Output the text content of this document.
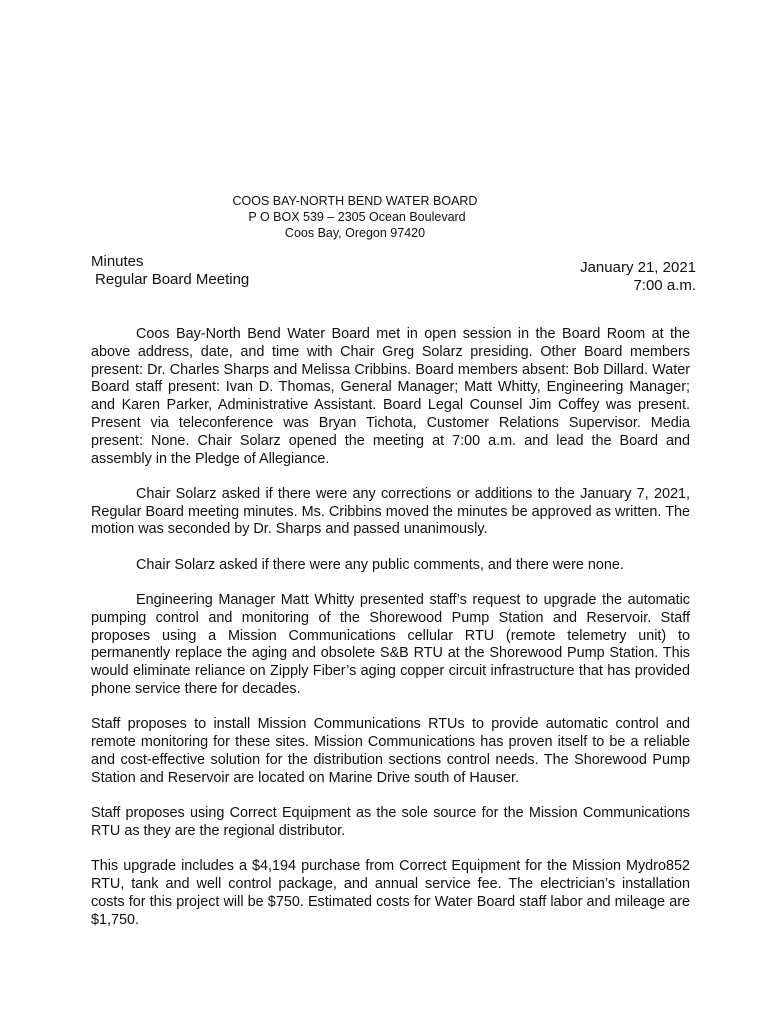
COOS BAY-NORTH BEND WATER BOARD
P O BOX 539 – 2305 Ocean Boulevard
Coos Bay, Oregon 97420
Minutes
Regular Board Meeting
January 21, 2021
7:00 a.m.

Coos Bay-North Bend Water Board met in open session in the Board Room at the above address, date, and time with Chair Greg Solarz presiding. Other Board members present: Dr. Charles Sharps and Melissa Cribbins. Board members absent: Bob Dillard. Water Board staff present: Ivan D. Thomas, General Manager; Matt Whitty, Engineering Manager; and Karen Parker, Administrative Assistant. Board Legal Counsel Jim Coffey was present. Present via teleconference was Bryan Tichota, Customer Relations Supervisor. Media present: None. Chair Solarz opened the meeting at 7:00 a.m. and lead the Board and assembly in the Pledge of Allegiance.

Chair Solarz asked if there were any corrections or additions to the January 7, 2021, Regular Board meeting minutes. Ms. Cribbins moved the minutes be approved as written. The motion was seconded by Dr. Sharps and passed unanimously.

Chair Solarz asked if there were any public comments, and there were none.

Engineering Manager Matt Whitty presented staff’s request to upgrade the automatic pumping control and monitoring of the Shorewood Pump Station and Reservoir. Staff proposes using a Mission Communications cellular RTU (remote telemetry unit) to permanently replace the aging and obsolete S&B RTU at the Shorewood Pump Station. This would eliminate reliance on Zipply Fiber’s aging copper circuit infrastructure that has provided phone service there for decades.

Staff proposes to install Mission Communications RTUs to provide automatic control and remote monitoring for these sites. Mission Communications has proven itself to be a reliable and cost-effective solution for the distribution sections control needs. The Shorewood Pump Station and Reservoir are located on Marine Drive south of Hauser.

Staff proposes using Correct Equipment as the sole source for the Mission Communications RTU as they are the regional distributor.

This upgrade includes a $4,194 purchase from Correct Equipment for the Mission Mydro852 RTU, tank and well control package, and annual service fee. The electrician’s installation costs for this project will be $750. Estimated costs for Water Board staff labor and mileage are $1,750.
